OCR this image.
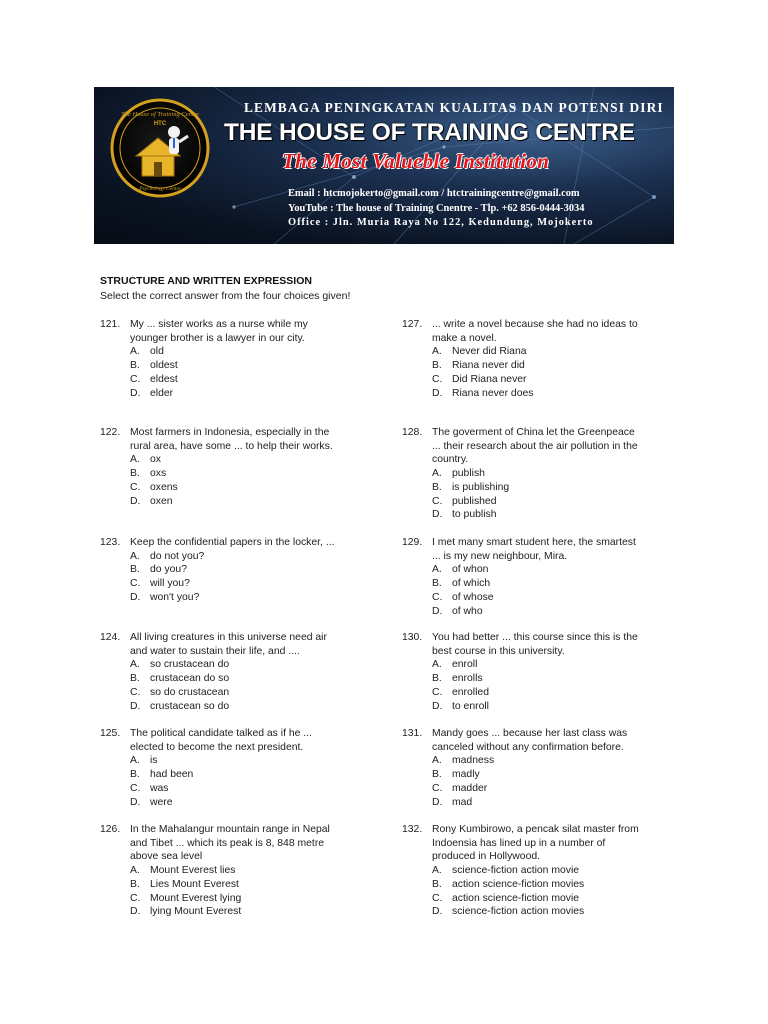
The House of Training Centre
HTC
Psychology Centre
LEMBAGA PENINGKATAN KUALITAS DAN POTENSI DIRI
THE HOUSE OF TRAINING CENTRE
The Most Valueble Institution
Email : htcmojokerto@gmail.com / htctrainingcentre@gmail.com
YouTube : The house of Training Cnentre - Tlp. +62 856-0444-3034
Office : Jln. Muria Raya No 122, Kedundung, Mojokerto
STRUCTURE AND WRITTEN EXPRESSION
Select the correct answer from the four choices given!
121. My ... sister works as a nurse while my younger brother is a lawyer in our city.
A. old
B. oldest
C. eldest
D. elder
122. Most farmers in Indonesia, especially in the rural area, have some ... to help their works.
A. ox
B. oxs
C. oxens
D. oxen
123. Keep the confidential papers in the locker, ...
A. do not you?
B. do you?
C. will you?
D. won't you?
124. All living creatures in this universe need air and water to sustain their life, and ....
A. so crustacean do
B. crustacean do so
C. so do crustacean
D. crustacean so do
125. The political candidate talked as if he ... elected to become the next president.
A. is
B. had been
C. was
D. were
126. In the Mahalangur mountain range in Nepal and Tibet ... which its peak is 8, 848 metre above sea level
A. Mount Everest lies
B. Lies Mount Everest
C. Mount Everest lying
D. lying Mount Everest
127. ... write a novel because she had no ideas to make a novel.
A. Never did Riana
B. Riana never did
C. Did Riana never
D. Riana never does
128. The goverment of China let the Greenpeace ... their research about the air pollution in the country.
A. publish
B. is publishing
C. published
D. to publish
129. I met many smart student here, the smartest ... is my new neighbour, Mira.
A. of whon
B. of which
C. of whose
D. of who
130. You had better ... this course since this is the best course in this university.
A. enroll
B. enrolls
C. enrolled
D. to enroll
131. Mandy goes ... because her last class was canceled without any confirmation before.
A. madness
B. madly
C. madder
D. mad
132. Rony Kumbirowo, a pencak silat master from Indoensia has lined up in a number of produced in Hollywood.
A. science-fiction action movie
B. action science-fiction movies
C. action science-fiction movie
D. science-fiction action movies
